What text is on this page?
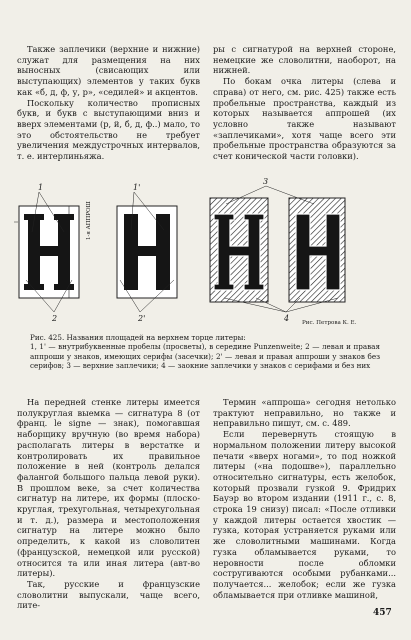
Также заплечики (верхние и нижние) служат для размещения на них выносных (свисающих или выступающих) элементов у таких букв как «б, д, ф, у, р», «седилей» и акцентов.

Поскольку количество прописных букв, и букв с выступающими вниз и вверх элементами (р, й, б, д, ф..) мало, то это обстоятельство не требует увеличения междустрочных интервалов, т. е. интерлиньяжа.

ры с сигнатурой на верхней стороне, немецкие же словолитни, наоборот, на нижней.

По бокам очка литеры (слева и справа) от него, см. рис. 425) также есть пробельные пространства, каждый из которых называется аппрошей (их условно также называют «заплечиками», хотя чаще всего эти пробельные пространства образуются за счет конической части головки).

1	1'
3
2	2'	4
1-я АППРОШ
Рис. Петрова К. Е.
Рис. 425. Названия площадей на верхнем торце литеры:
1, 1' — внутрибуквенные пробелы (просветы), в середине Punzenweite; 2 — левая и правая аппроши у знаков, имеющих серифы (засечки); 2' — левая и правая аппроши у знаков без серифов; 3 — верхние заплечики; 4 — заокние заплечики у знаков с серифами и без них

На передней стенке литеры имеется полукруглая выемка — сигнатура 8 (от франц. le signe — знак), помогавшая наборщику вручную (во время набора) располагать литеры в верстатке и контролировать их правильное положение в ней (контроль делался фалангой большого пальца левой руки). В прошлом веке, за счет количества сигнатур на литере, их формы (плоско-круглая, трехугольная, четырехугольная и т. д.), размера и местоположения сигнатур на литере можно было определить, к какой из словолитен (французской, немецкой или русской) относится та или иная литера (авт-во литеры).

Так, русские и французские словолитни выпускали, чаще всего, лите-

Термин «аппроша» сегодня нетолько трактуют неправильно, но также и неправильно пишут, см. с. 489.

Если перевернуть стоящую в нормальном положении литеру высокой печати «вверх ногами», то под ножкой литеры («на подошве»), параллельно относительно сигнатуры, есть желобок, который прозвали гузкой 9. Фридрих Бауэр во втором издании (1911 г., с. 8, строка 19 снизу) писал: «После отливки у каждой литеры остается хвостик — гузка, которая устраняется руками или же словолитными машинами. Когда гузка обламывается руками, то неровности после обломки состругиваются особыми рубанками... получается... желобок; если же гузка обламывается при отливке машиной,

457
